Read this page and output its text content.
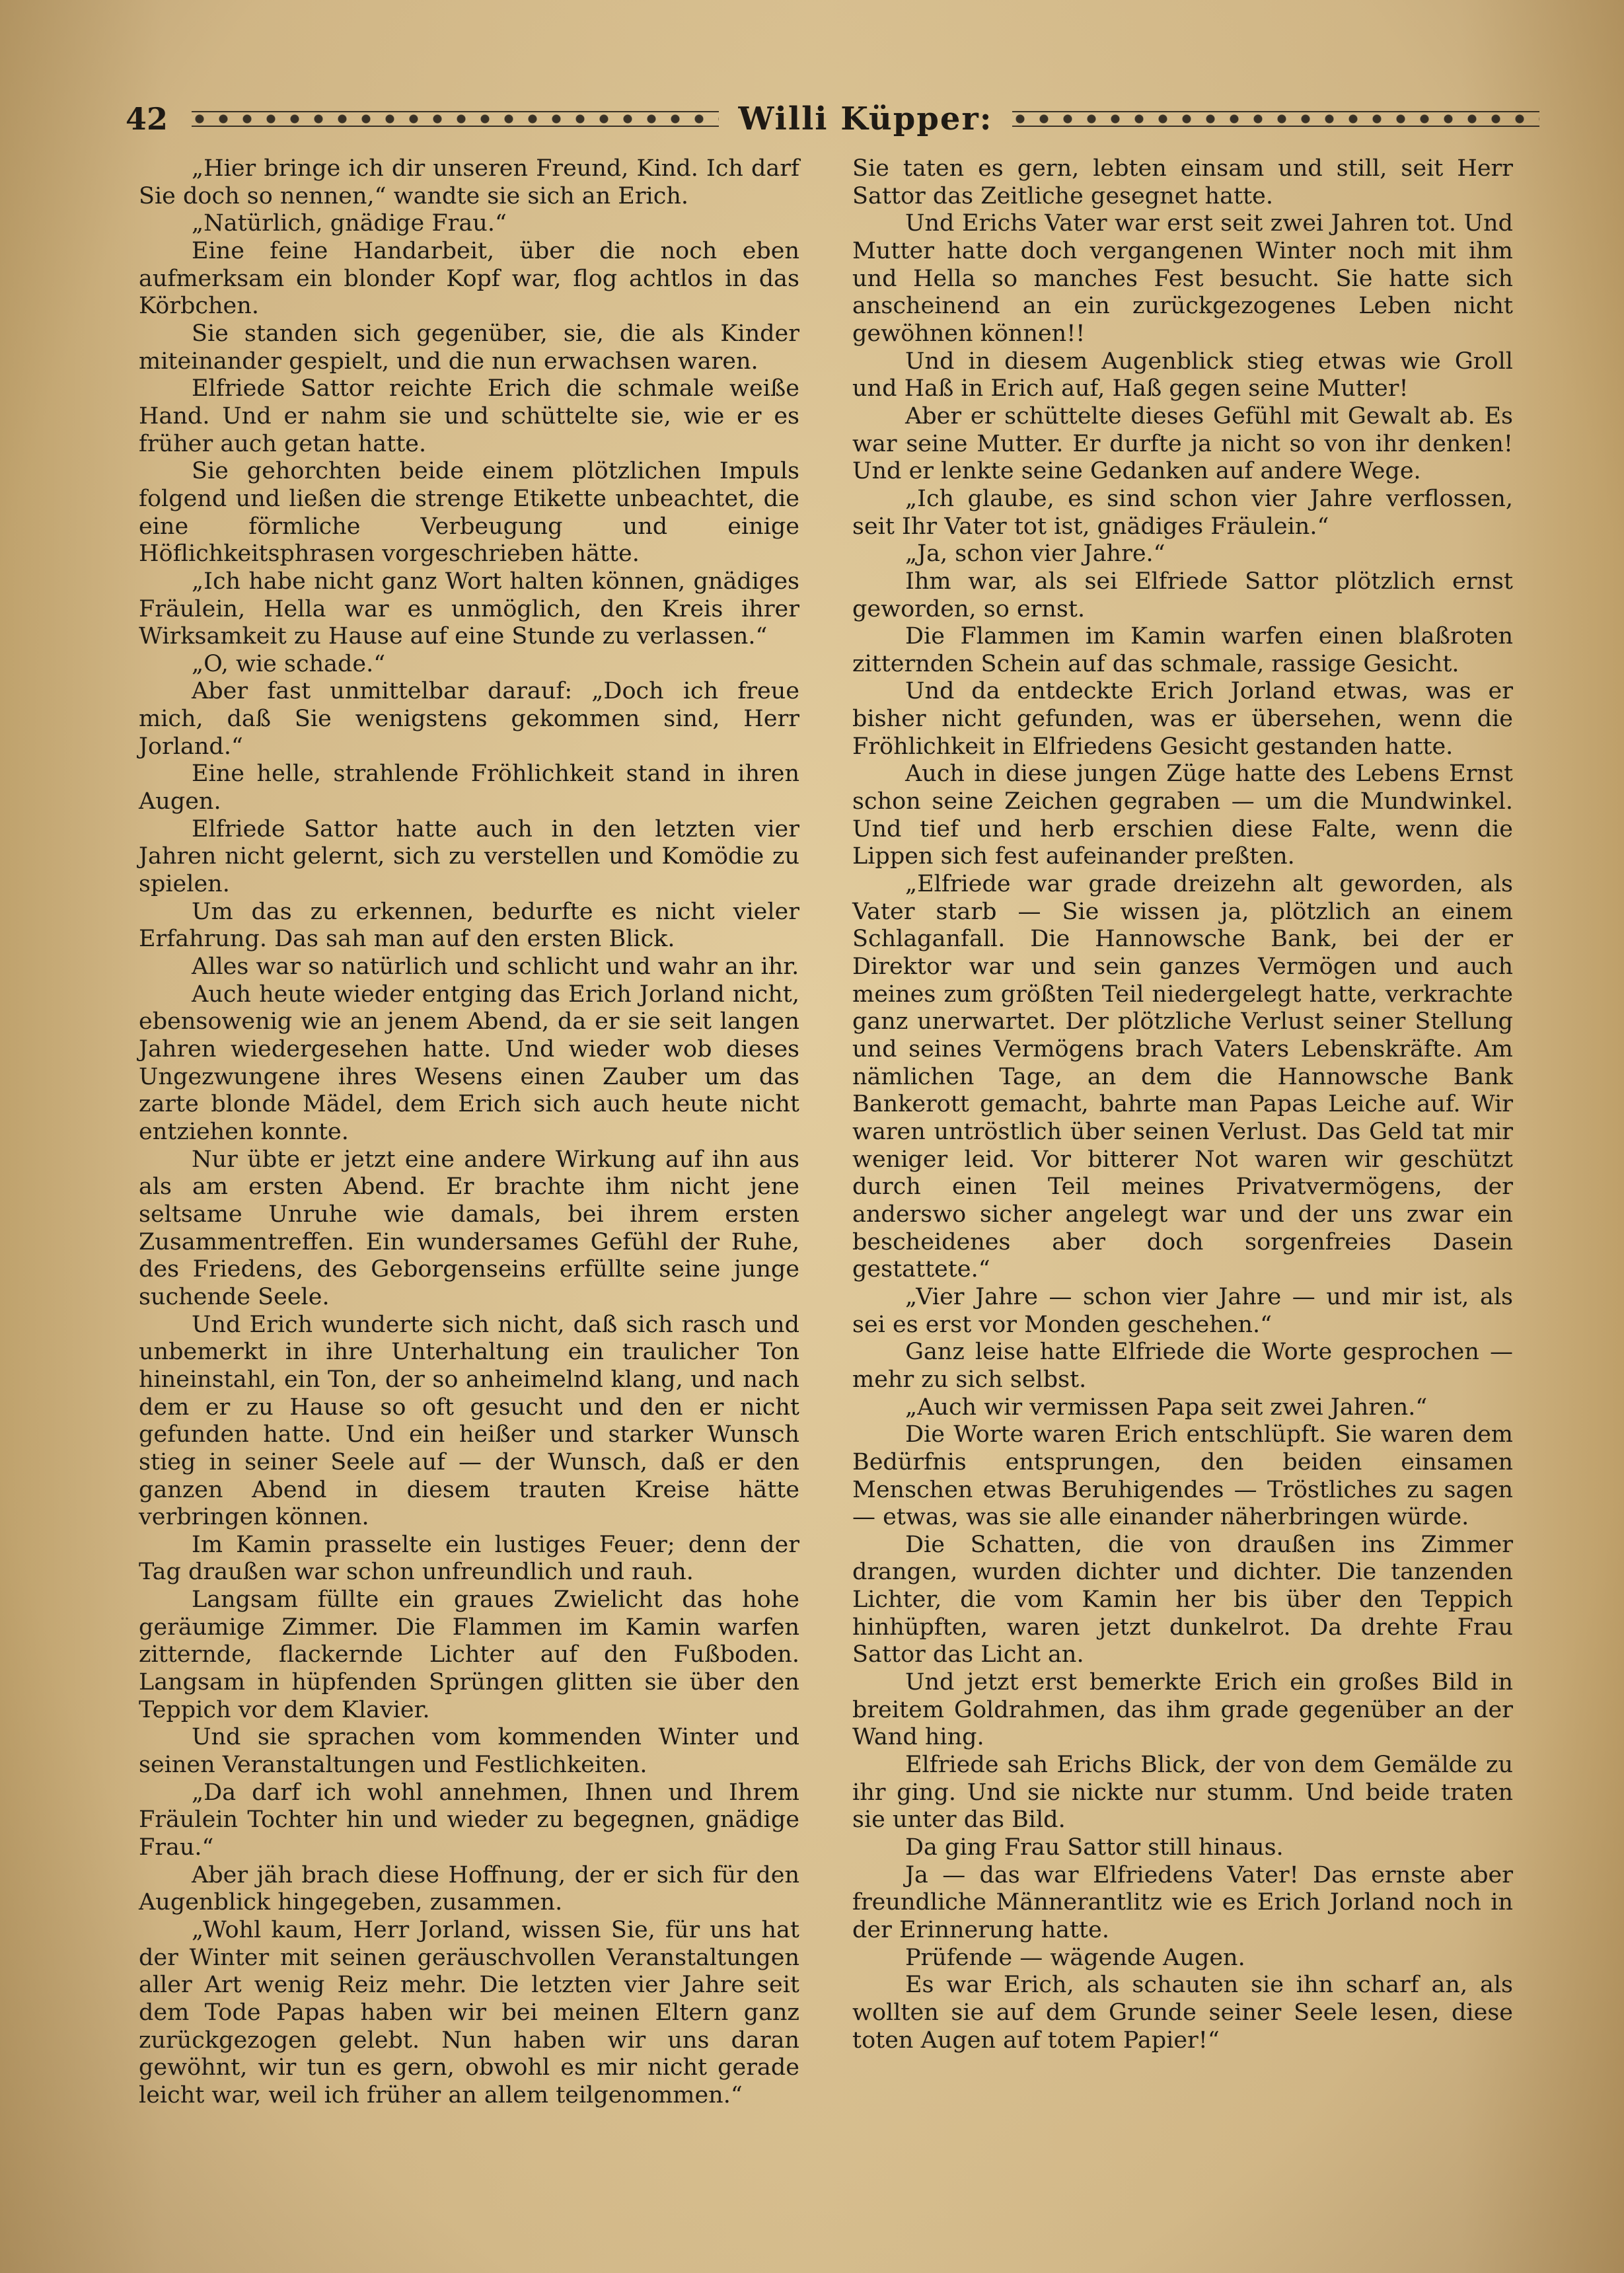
42	Willi Küpper:

„Hier bringe ich dir unseren Freund, Kind. Ich darf Sie doch so nennen,“ wandte sie sich an Erich.

„Natürlich, gnädige Frau.“

Eine feine Handarbeit, über die noch eben aufmerksam ein blonder Kopf war, flog achtlos in das Körbchen.

Sie standen sich gegenüber, sie, die als Kinder miteinander gespielt, und die nun erwachsen waren.

Elfriede Sattor reichte Erich die schmale weiße Hand. Und er nahm sie und schüttelte sie, wie er es früher auch getan hatte.

Sie gehorchten beide einem plötzlichen Impuls folgend und ließen die strenge Etikette unbeachtet, die eine förmliche Verbeugung und einige Höflichkeitsphrasen vorgeschrieben hätte.

„Ich habe nicht ganz Wort halten können, gnädiges Fräulein, Hella war es unmöglich, den Kreis ihrer Wirksamkeit zu Hause auf eine Stunde zu verlassen.“

„O, wie schade.“

Aber fast unmittelbar darauf: „Doch ich freue mich, daß Sie wenigstens gekommen sind, Herr Jorland.“

Eine helle, strahlende Fröhlichkeit stand in ihren Augen.

Elfriede Sattor hatte auch in den letzten vier Jahren nicht gelernt, sich zu verstellen und Komödie zu spielen.

Um das zu erkennen, bedurfte es nicht vieler Erfahrung. Das sah man auf den ersten Blick.

Alles war so natürlich und schlicht und wahr an ihr.

Auch heute wieder entging das Erich Jorland nicht, ebensowenig wie an jenem Abend, da er sie seit langen Jahren wiedergesehen hatte. Und wieder wob dieses Ungezwungene ihres Wesens einen Zauber um das zarte blonde Mädel, dem Erich sich auch heute nicht entziehen konnte.

Nur übte er jetzt eine andere Wirkung auf ihn aus als am ersten Abend. Er brachte ihm nicht jene seltsame Unruhe wie damals, bei ihrem ersten Zusammentreffen. Ein wundersames Gefühl der Ruhe, des Friedens, des Geborgenseins erfüllte seine junge suchende Seele.

Und Erich wunderte sich nicht, daß sich rasch und unbemerkt in ihre Unterhaltung ein traulicher Ton hineinstahl, ein Ton, der so anheimelnd klang, und nach dem er zu Hause so oft gesucht und den er nicht gefunden hatte. Und ein heißer und starker Wunsch stieg in seiner Seele auf — der Wunsch, daß er den ganzen Abend in diesem trauten Kreise hätte verbringen können.

Im Kamin prasselte ein lustiges Feuer; denn der Tag draußen war schon unfreundlich und rauh.

Langsam füllte ein graues Zwielicht das hohe geräumige Zimmer. Die Flammen im Kamin warfen zitternde, flackernde Lichter auf den Fußboden. Langsam in hüpfenden Sprüngen glitten sie über den Teppich vor dem Klavier.

Und sie sprachen vom kommenden Winter und seinen Veranstaltungen und Festlichkeiten.

„Da darf ich wohl annehmen, Ihnen und Ihrem Fräulein Tochter hin und wieder zu begegnen, gnädige Frau.“

Aber jäh brach diese Hoffnung, der er sich für den Augenblick hingegeben, zusammen.

„Wohl kaum, Herr Jorland, wissen Sie, für uns hat der Winter mit seinen geräuschvollen Veranstaltungen aller Art wenig Reiz mehr. Die letzten vier Jahre seit dem Tode Papas haben wir bei meinen Eltern ganz zurückgezogen gelebt. Nun haben wir uns daran gewöhnt, wir tun es gern, obwohl es mir nicht gerade leicht war, weil ich früher an allem teilgenommen.“

Sie taten es gern, lebten einsam und still, seit Herr Sattor das Zeitliche gesegnet hatte.

Und Erichs Vater war erst seit zwei Jahren tot. Und Mutter hatte doch vergangenen Winter noch mit ihm und Hella so manches Fest besucht. Sie hatte sich anscheinend an ein zurückgezogenes Leben nicht gewöhnen können!!

Und in diesem Augenblick stieg etwas wie Groll und Haß in Erich auf, Haß gegen seine Mutter!

Aber er schüttelte dieses Gefühl mit Gewalt ab. Es war seine Mutter. Er durfte ja nicht so von ihr denken! Und er lenkte seine Gedanken auf andere Wege.

„Ich glaube, es sind schon vier Jahre verflossen, seit Ihr Vater tot ist, gnädiges Fräulein.“

„Ja, schon vier Jahre.“

Ihm war, als sei Elfriede Sattor plötzlich ernst geworden, so ernst.

Die Flammen im Kamin warfen einen blaßroten zitternden Schein auf das schmale, rassige Gesicht.

Und da entdeckte Erich Jorland etwas, was er bisher nicht gefunden, was er übersehen, wenn die Fröhlichkeit in Elfriedens Gesicht gestanden hatte.

Auch in diese jungen Züge hatte des Lebens Ernst schon seine Zeichen gegraben — um die Mundwinkel. Und tief und herb erschien diese Falte, wenn die Lippen sich fest aufeinander preßten.

„Elfriede war grade dreizehn alt geworden, als Vater starb — Sie wissen ja, plötzlich an einem Schlaganfall. Die Hannowsche Bank, bei der er Direktor war und sein ganzes Vermögen und auch meines zum größten Teil niedergelegt hatte, verkrachte ganz unerwartet. Der plötzliche Verlust seiner Stellung und seines Vermögens brach Vaters Lebenskräfte. Am nämlichen Tage, an dem die Hannowsche Bank Bankerott gemacht, bahrte man Papas Leiche auf. Wir waren untröstlich über seinen Verlust. Das Geld tat mir weniger leid. Vor bitterer Not waren wir geschützt durch einen Teil meines Privatvermögens, der anderswo sicher angelegt war und der uns zwar ein bescheidenes aber doch sorgenfreies Dasein gestattete.“

„Vier Jahre — schon vier Jahre — und mir ist, als sei es erst vor Monden geschehen.“

Ganz leise hatte Elfriede die Worte gesprochen — mehr zu sich selbst.

„Auch wir vermissen Papa seit zwei Jahren.“

Die Worte waren Erich entschlüpft. Sie waren dem Bedürfnis entsprungen, den beiden einsamen Menschen etwas Beruhigendes — Tröstliches zu sagen — etwas, was sie alle einander näherbringen würde.

Die Schatten, die von draußen ins Zimmer drangen, wurden dichter und dichter. Die tanzenden Lichter, die vom Kamin her bis über den Teppich hinhüpften, waren jetzt dunkelrot. Da drehte Frau Sattor das Licht an.

Und jetzt erst bemerkte Erich ein großes Bild in breitem Goldrahmen, das ihm grade gegenüber an der Wand hing.

Elfriede sah Erichs Blick, der von dem Gemälde zu ihr ging. Und sie nickte nur stumm. Und beide traten sie unter das Bild.

Da ging Frau Sattor still hinaus.

Ja — das war Elfriedens Vater! Das ernste aber freundliche Männerantlitz wie es Erich Jorland noch in der Erinnerung hatte.

Prüfende — wägende Augen.

Es war Erich, als schauten sie ihn scharf an, als wollten sie auf dem Grunde seiner Seele lesen, diese toten Augen auf totem Papier!“
